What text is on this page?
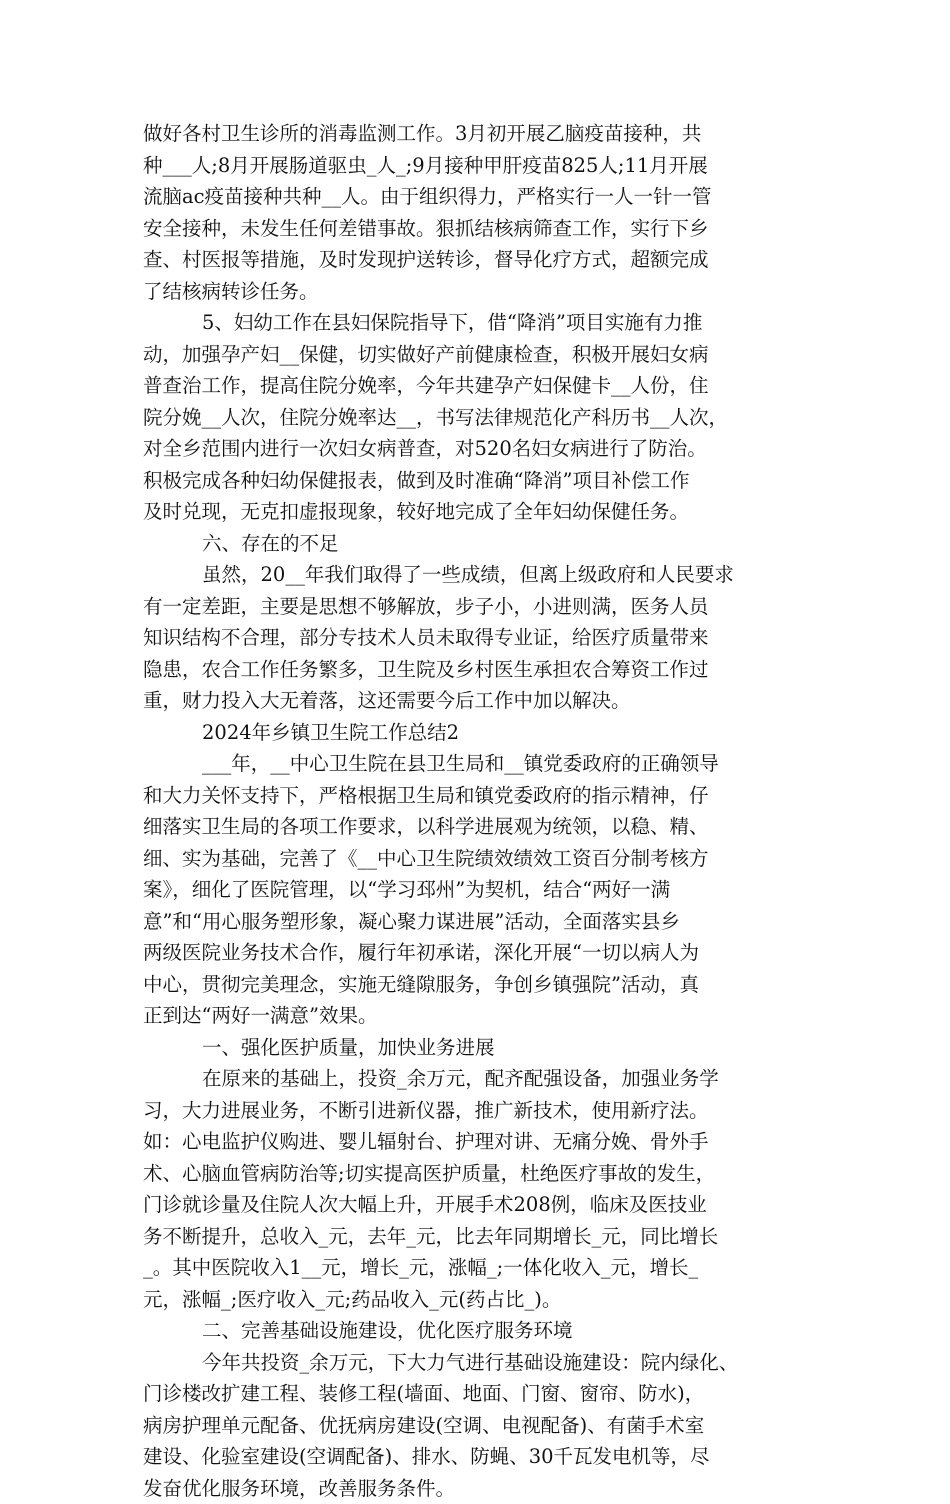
做好各村卫生诊所的消毒监测工作。3月初开展乙脑疫苗接种，共

种___人;8月开展肠道驱虫_人_;9月接种甲肝疫苗825人;11月开展

流脑ac疫苗接种共种__人。由于组织得力，严格实行一人一针一管

安全接种，未发生任何差错事故。狠抓结核病筛查工作，实行下乡

查、村医报等措施，及时发现护送转诊，督导化疗方式，超额完成

了结核病转诊任务。

5、妇幼工作在县妇保院指导下，借“降消”项目实施有力推

动，加强孕产妇__保健，切实做好产前健康检查，积极开展妇女病

普查治工作，提高住院分娩率，今年共建孕产妇保健卡__人份，住

院分娩__人次，住院分娩率达__，书写法律规范化产科历书__人次，

对全乡范围内进行一次妇女病普查，对520名妇女病进行了防治。

积极完成各种妇幼保健报表，做到及时准确“降消”项目补偿工作

及时兑现，无克扣虚报现象，较好地完成了全年妇幼保健任务。

六、存在的不足

虽然，20__年我们取得了一些成绩，但离上级政府和人民要求

有一定差距，主要是思想不够解放，步子小，小进则满，医务人员

知识结构不合理，部分专技术人员未取得专业证，给医疗质量带来

隐患，农合工作任务繁多，卫生院及乡村医生承担农合筹资工作过

重，财力投入大无着落，这还需要今后工作中加以解决。

2024年乡镇卫生院工作总结2

___年，__中心卫生院在县卫生局和__镇党委政府的正确领导

和大力关怀支持下，严格根据卫生局和镇党委政府的指示精神，仔

细落实卫生局的各项工作要求，以科学进展观为统领，以稳、精、

细、实为基础，完善了《__中心卫生院绩效绩效工资百分制考核方

案》，细化了医院管理，以“学习邳州”为契机，结合“两好一满

意”和“用心服务塑形象，凝心聚力谋进展”活动，全面落实县乡

两级医院业务技术合作，履行年初承诺，深化开展“一切以病人为

中心，贯彻完美理念，实施无缝隙服务，争创乡镇强院”活动，真

正到达“两好一满意”效果。

一、强化医护质量，加快业务进展

在原来的基础上，投资_余万元，配齐配强设备，加强业务学

习，大力进展业务，不断引进新仪器，推广新技术，使用新疗法。

如：心电监护仪购进、婴儿辐射台、护理对讲、无痛分娩、骨外手

术、心脑血管病防治等;切实提高医护质量，杜绝医疗事故的发生，

门诊就诊量及住院人次大幅上升，开展手术208例，临床及医技业

务不断提升，总收入_元，去年_元，比去年同期增长_元，同比增长

_。其中医院收入1__元，增长_元，涨幅_;一体化收入_元，增长_

元，涨幅_;医疗收入_元;药品收入_元(药占比_)。

二、完善基础设施建设，优化医疗服务环境

今年共投资_余万元，下大力气进行基础设施建设：院内绿化、

门诊楼改扩建工程、装修工程(墙面、地面、门窗、窗帘、防水)，

病房护理单元配备、优抚病房建设(空调、电视配备)、有菌手术室

建设、化验室建设(空调配备)、排水、防蝇、30千瓦发电机等，尽

发奋优化服务环境，改善服务条件。
